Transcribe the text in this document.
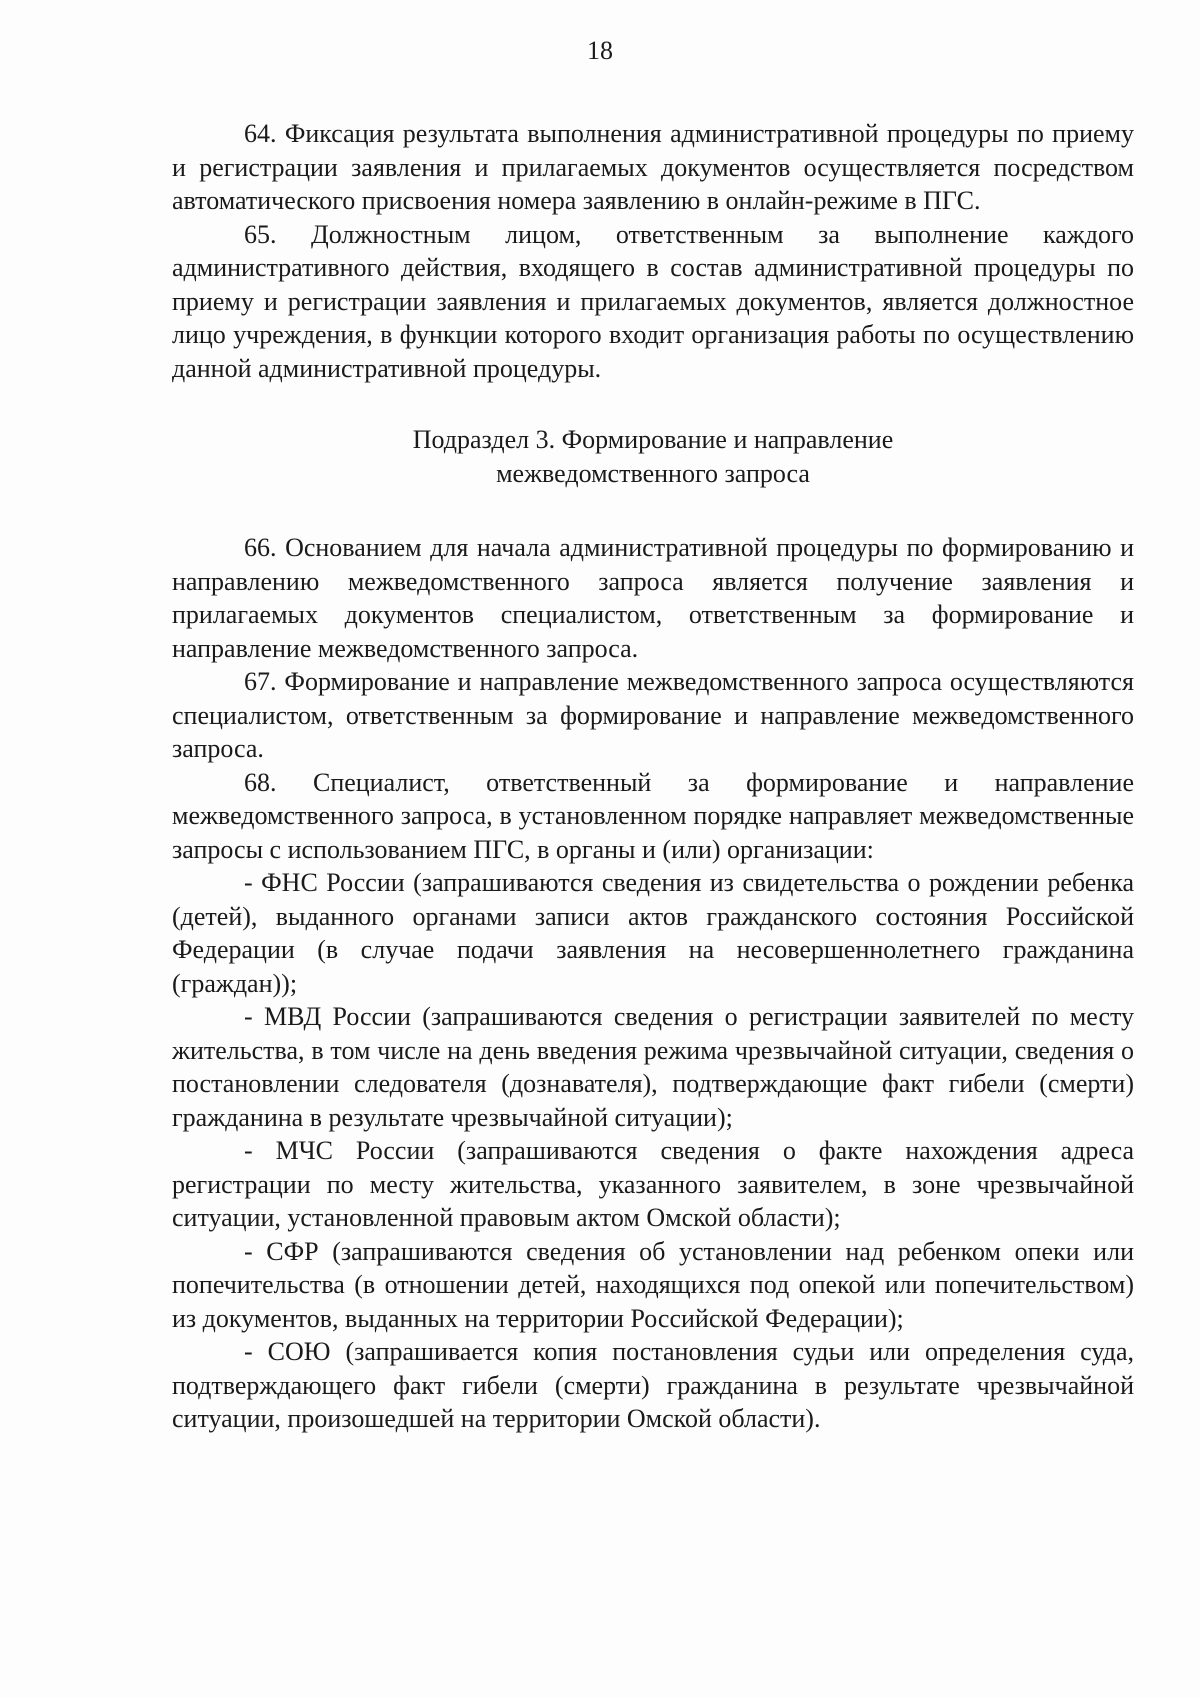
18

64. Фиксация результата выполнения административной процедуры по приему и регистрации заявления и прилагаемых документов осуществляется посредством автоматического присвоения номера заявлению в онлайн-режиме в ПГС.

65. Должностным лицом, ответственным за выполнение каждого административного действия, входящего в состав административной процедуры по приему и регистрации заявления и прилагаемых документов, является должностное лицо учреждения, в функции которого входит организация работы по осуществлению данной административной процедуры.

Подраздел 3. Формирование и направление
межведомственного запроса

66. Основанием для начала административной процедуры по формированию и направлению межведомственного запроса является получение заявления и прилагаемых документов специалистом, ответственным за формирование и направление межведомственного запроса.

67. Формирование и направление межведомственного запроса осуществляются специалистом, ответственным за формирование и направление межведомственного запроса.

68. Специалист, ответственный за формирование и направление межведомственного запроса, в установленном порядке направляет межведомственные запросы с использованием ПГС, в органы и (или) организации:

- ФНС России (запрашиваются сведения из свидетельства о рождении ребенка (детей), выданного органами записи актов гражданского состояния Российской Федерации (в случае подачи заявления на несовершеннолетнего гражданина (граждан));

- МВД России (запрашиваются сведения о регистрации заявителей по месту жительства, в том числе на день введения режима чрезвычайной ситуации, сведения о постановлении следователя (дознавателя), подтверждающие факт гибели (смерти) гражданина в результате чрезвычайной ситуации);

- МЧС России (запрашиваются сведения о факте нахождения адреса регистрации по месту жительства, указанного заявителем, в зоне чрезвычайной ситуации, установленной правовым актом Омской области);

- СФР (запрашиваются сведения об установлении над ребенком опеки или попечительства (в отношении детей, находящихся под опекой или попечительством) из документов, выданных на территории Российской Федерации);

- СОЮ (запрашивается копия постановления судьи или определения суда, подтверждающего факт гибели (смерти) гражданина в результате чрезвычайной ситуации, произошедшей на территории Омской области).
